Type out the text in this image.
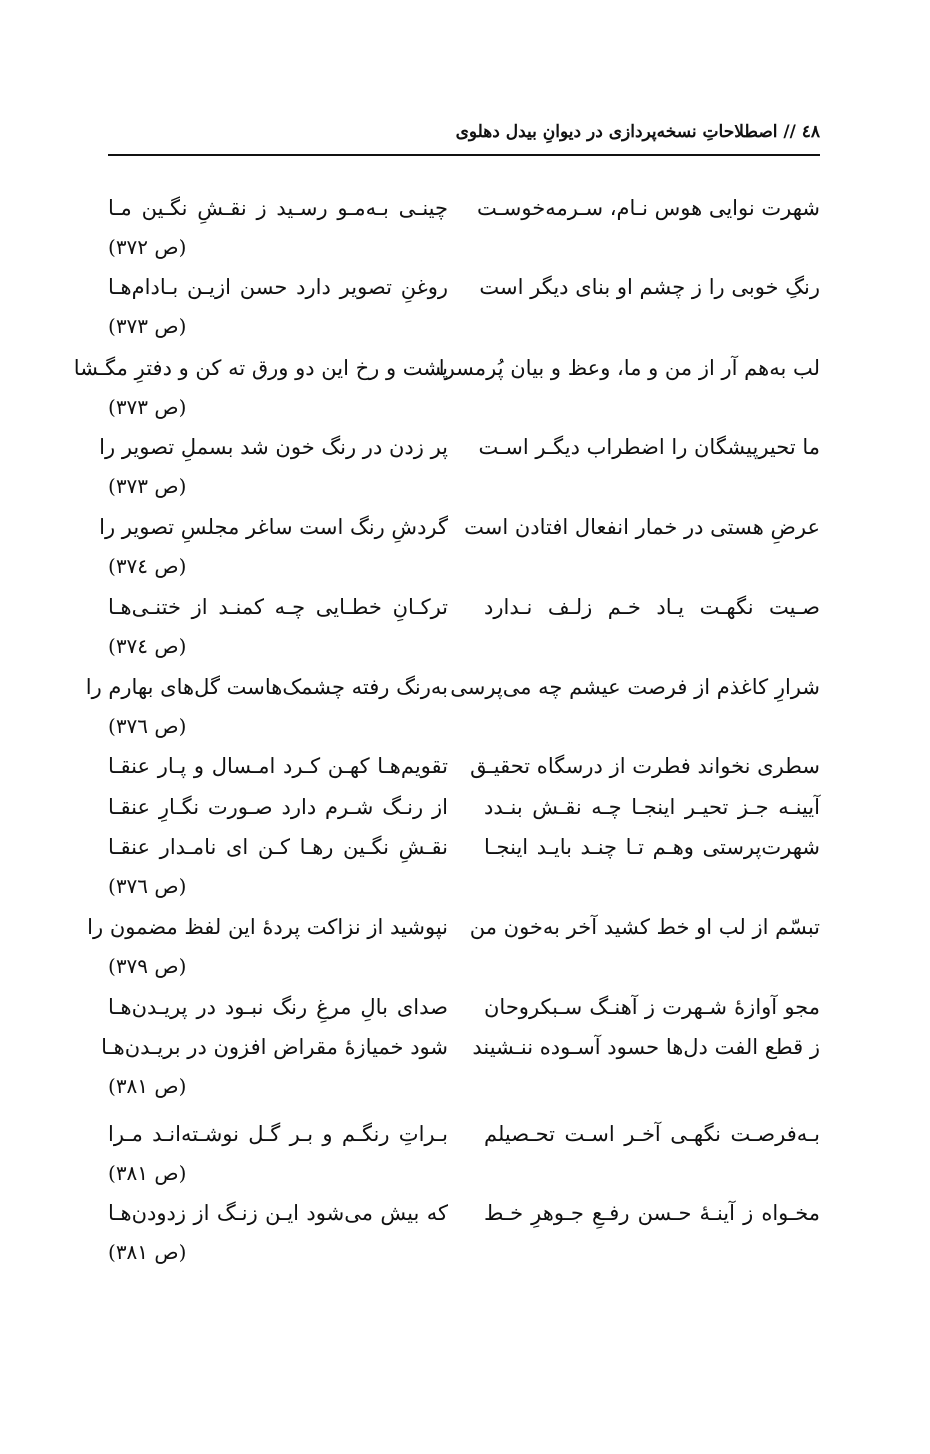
٤٨ // اصطلاحاتِ نسخه‌پردازی در دیوانِ بیدل دهلوی
شهرت نوایی هوس نـام، سـرمه‌خوسـت
چینـی بـه‌مـو رسـید ز نقـشِ نگـین مـا
(ص ٣٧٢)
رنگِ خوبی را ز چشم او بنای دیگر است
روغنِ تصویر دارد حسن ازیـن بـادام‌هـا
(ص ٣٧٣)
لب به‌هم آر از من و ما، وعظ و بیان پُرمسرا
پشت و رخ این دو ورق ته کن و دفترِ مگـشا
(ص ٣٧٣)
ما تحیرپیشگان را اضطراب دیگـر اسـت
پر زدن در رنگ خون شد بسملِ تصویر را
(ص ٣٧٣)
عرضِ هستی در خمار انفعال افتادن است
گردشِ رنگ است ساغر مجلسِ تصویر را
(ص ٣٧٤)
صـیت نگهـت یـاد خـم زلـف نـدارد
ترکـانِ خطـایی چـه کمنـد از ختنـی‌هـا
(ص ٣٧٤)
شرارِ کاغذم از فرصت عیشم چه می‌پرسی
به‌رنگ رفته چشمک‌هاست گل‌های بهارم را
(ص ٣٧٦)
سطری نخواند فطرت از درسگاه تحقیـق
تقویم‌هـا کهـن کـرد امـسال و پـار عنقـا
آیینـه جـز تحیـر اینجـا چـه نقـش بنـدد
از رنـگ شـرم دارد صـورت نگـارِ عنقـا
شهرت‌پرستی وهـم تـا چنـد بایـد اینجـا
نقـشِ نگـین رهـا کـن ای نامـدار عنقـا
(ص ٣٧٦)
تبسّم از لب او خط کشید آخر به‌خون من
نپوشید از نزاکت پردۀ این لفظ مضمون را
(ص ٣٧٩)
مجو آوازۀ شـهرت ز آهنـگ سـبکروحان
صدای بالِ مرغِ رنگ نبـود در پریـدن‌هـا
ز قطع الفت دل‌ها حسود آسـوده ننـشیند
شود خمیازۀ مقراض افزون در بریـدن‌هـا
(ص ٣٨١)
بـه‌فرصـت نگهـی آخـر اسـت تحـصیلم
بـراتِ رنگـم و بـر گـل نوشـته‌انـد مـرا
(ص ٣٨١)
مخـواه ز آینـۀ حـسن رفـعِ جـوهرِ خـط
که بیش می‌شود ایـن زنـگ از زدودن‌هـا
(ص ٣٨١)
